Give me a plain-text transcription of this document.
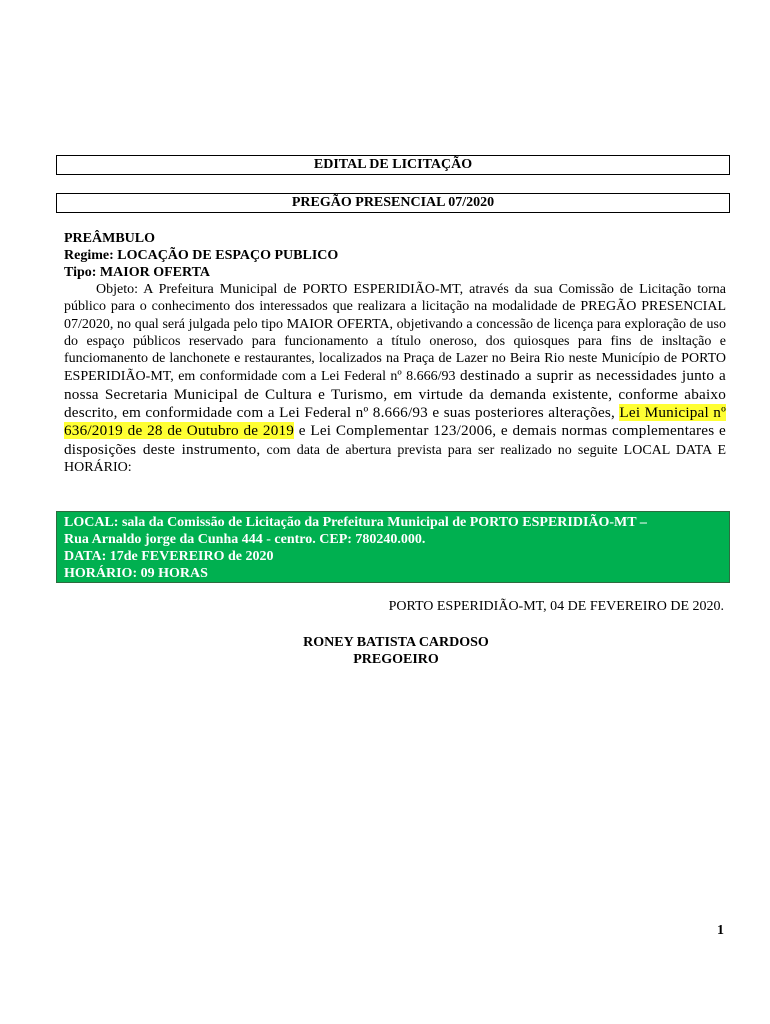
EDITAL DE LICITAÇÃO
PREGÃO PRESENCIAL 07/2020
PREÂMBULO
Regime: LOCAÇÃO DE ESPAÇO PUBLICO
Tipo: MAIOR OFERTA
Objeto: A Prefeitura Municipal de PORTO ESPERIDIÃO-MT, através da sua Comissão de Licitação torna público para o conhecimento dos interessados que realizara a licitação na modalidade de PREGÃO PRESENCIAL 07/2020, no qual será julgada pelo tipo MAIOR OFERTA, objetivando a concessão de licença para exploração de uso do espaço públicos reservado para funcionamento a título oneroso, dos quiosques para fins de insltação e funciomanento de lanchonete e restaurantes, localizados na Praça de Lazer no Beira Rio neste Município de PORTO ESPERIDIÃO-MT, em conformidade com a Lei Federal nº 8.666/93 destinado a suprir as necessidades junto a nossa Secretaria Municipal de Cultura e Turismo, em virtude da demanda existente, conforme abaixo descrito, em conformidade com a Lei Federal nº 8.666/93 e suas posteriores alterações, Lei Municipal nº 636/2019 de 28 de Outubro de 2019 e Lei Complementar 123/2006, e demais normas complementares e disposições deste instrumento, com data de abertura prevista para ser realizado no seguite LOCAL DATA E HORÁRIO:
LOCAL: sala da Comissão de Licitação da Prefeitura Municipal de PORTO ESPERIDIÃO-MT –
Rua Arnaldo jorge da Cunha 444 - centro. CEP: 780240.000.
DATA: 17de FEVEREIRO de 2020
HORÁRIO: 09 HORAS
PORTO ESPERIDIÃO-MT, 04 DE FEVEREIRO DE 2020.
RONEY BATISTA CARDOSO
PREGOEIRO
1
